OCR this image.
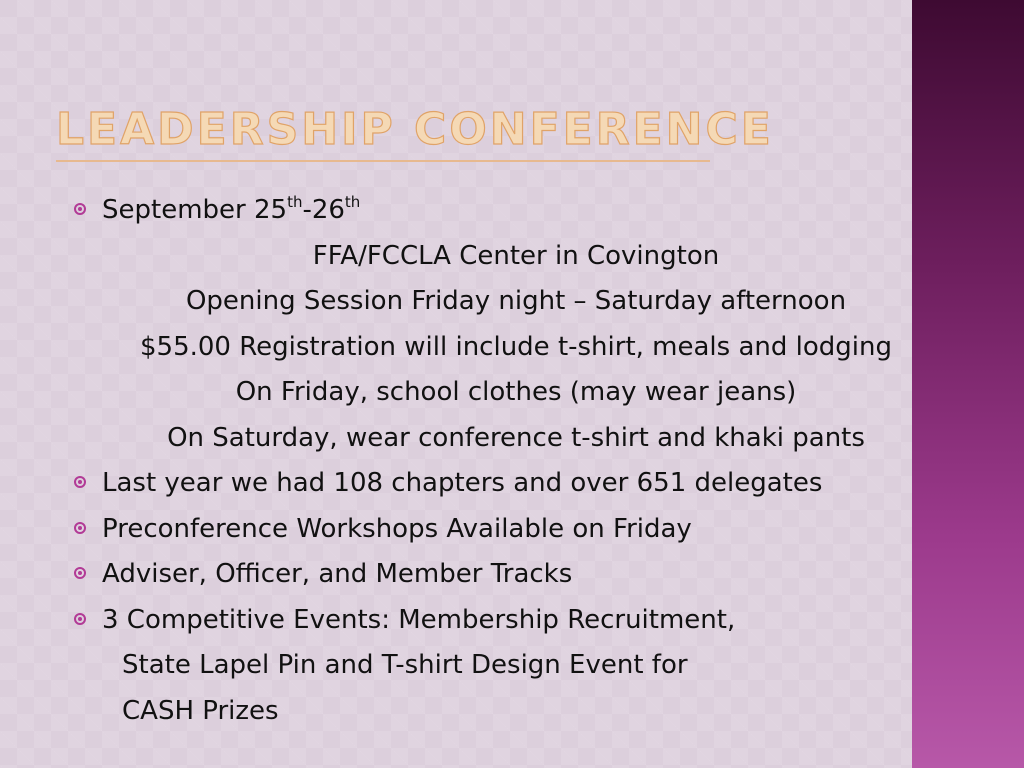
LEADERSHIP CONFERENCE
September 25th-26th
FFA/FCCLA Center in Covington
Opening Session Friday night – Saturday afternoon
$55.00 Registration will include t-shirt, meals and lodging
On Friday, school clothes (may wear jeans)
On Saturday, wear conference t-shirt and khaki pants
Last year we had 108 chapters and over 651 delegates
Preconference Workshops Available on Friday
Adviser, Officer, and Member Tracks
3 Competitive Events: Membership Recruitment,
State Lapel Pin and T-shirt Design Event for
CASH Prizes
